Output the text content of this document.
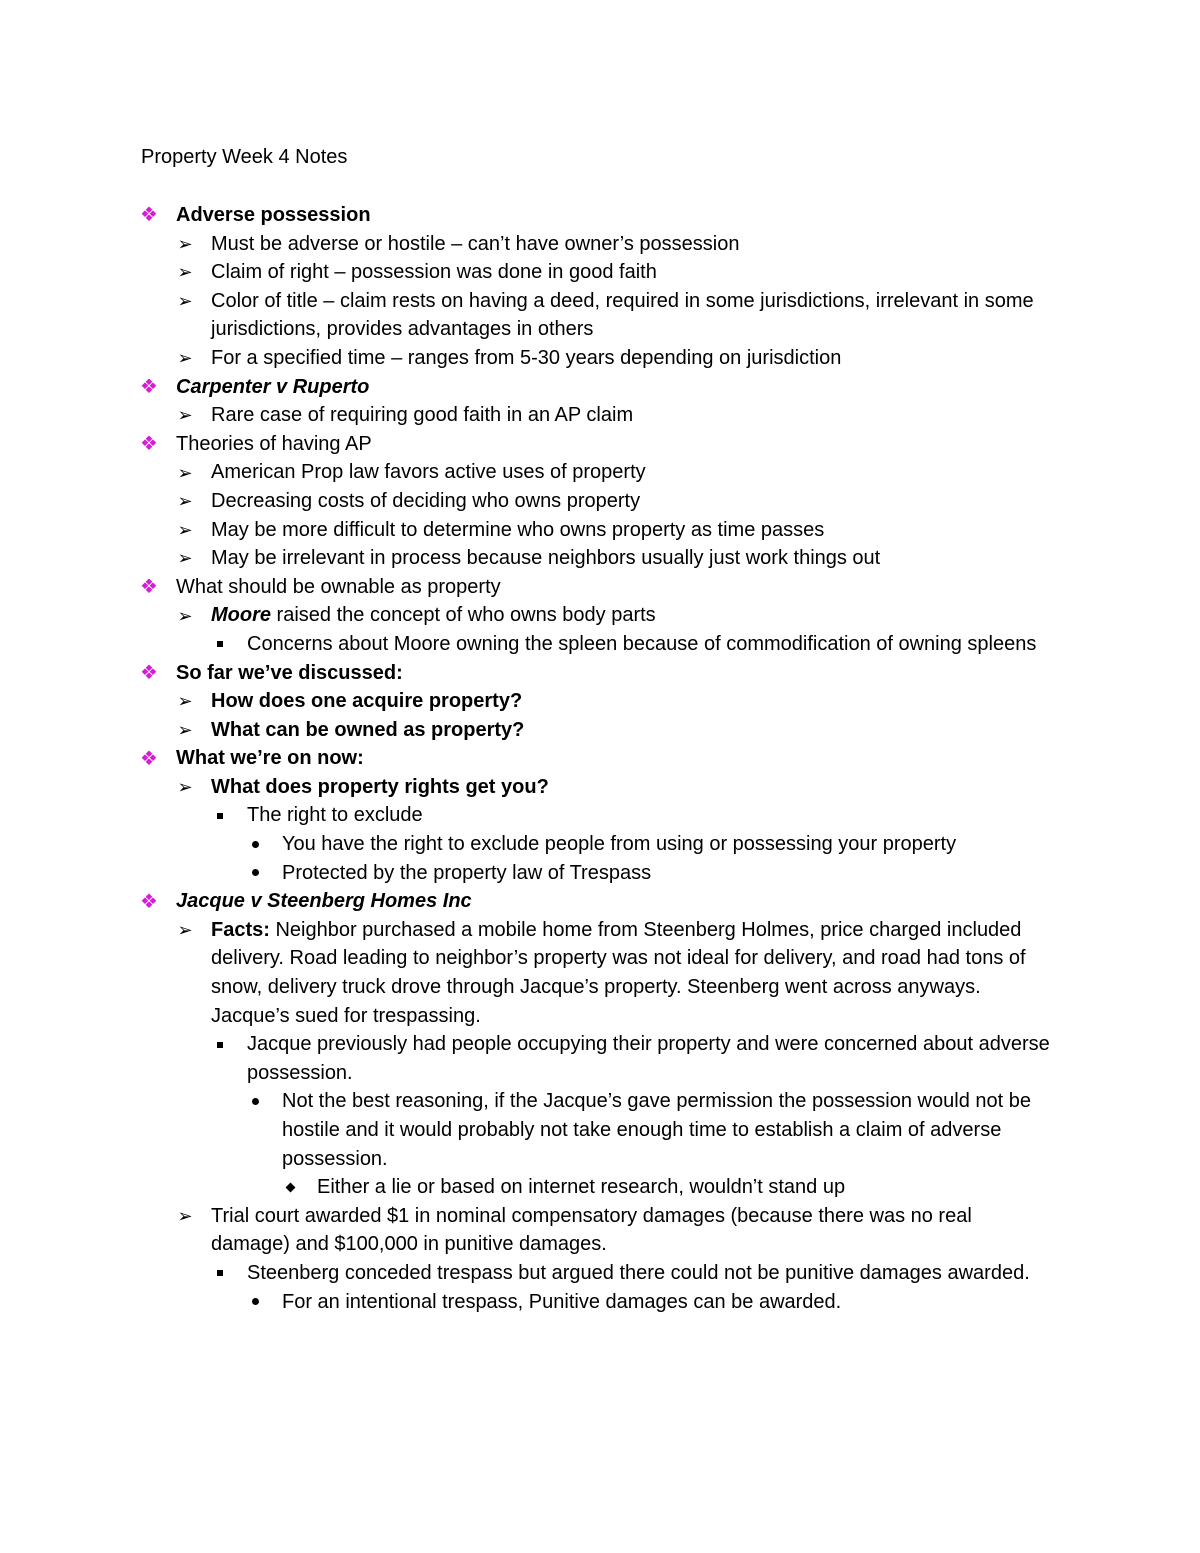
Property Week 4 Notes
❖ Adverse possession
➢ Must be adverse or hostile – can’t have owner’s possession
➢ Claim of right – possession was done in good faith
➢ Color of title – claim rests on having a deed, required in some jurisdictions, irrelevant in some jurisdictions, provides advantages in others
➢ For a specified time – ranges from 5-30 years depending on jurisdiction
❖ Carpenter v Ruperto
➢ Rare case of requiring good faith in an AP claim
❖ Theories of having AP
➢ American Prop law favors active uses of property
➢ Decreasing costs of deciding who owns property
➢ May be more difficult to determine who owns property as time passes
➢ May be irrelevant in process because neighbors usually just work things out
❖ What should be ownable as property
➢ Moore raised the concept of who owns body parts
Concerns about Moore owning the spleen because of commodification of owning spleens
❖ So far we’ve discussed:
➢ How does one acquire property?
➢ What can be owned as property?
❖ What we’re on now:
➢ What does property rights get you?
The right to exclude
You have the right to exclude people from using or possessing your property
Protected by the property law of Trespass
❖ Jacque v Steenberg Homes Inc
➢ Facts: Neighbor purchased a mobile home from Steenberg Holmes, price charged included delivery. Road leading to neighbor’s property was not ideal for delivery, and road had tons of snow, delivery truck drove through Jacque’s property. Steenberg went across anyways. Jacque’s sued for trespassing.
Jacque previously had people occupying their property and were concerned about adverse possession.
Not the best reasoning, if the Jacque’s gave permission the possession would not be hostile and it would probably not take enough time to establish a claim of adverse possession.
Either a lie or based on internet research, wouldn’t stand up
➢ Trial court awarded $1 in nominal compensatory damages (because there was no real damage) and $100,000 in punitive damages.
Steenberg conceded trespass but argued there could not be punitive damages awarded.
For an intentional trespass, Punitive damages can be awarded.
